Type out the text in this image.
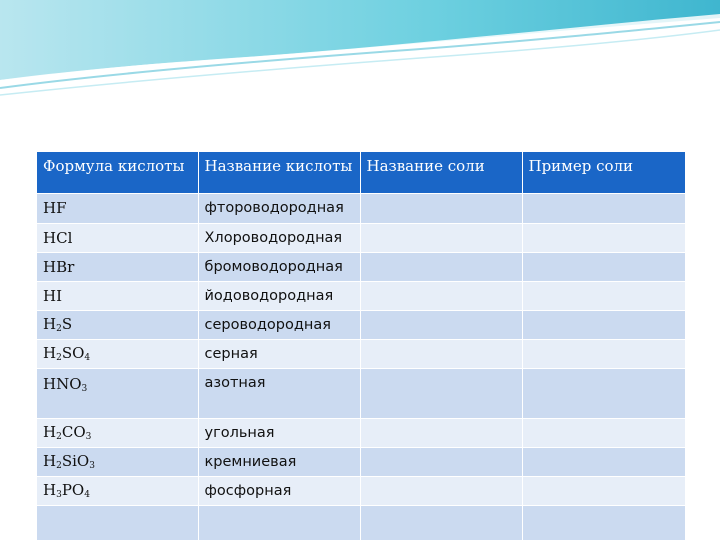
Формула кислоты	Название кислоты	Название соли	Пример соли
HF	фтороводородная		
HCl	Хлороводородная		
HBr	бромоводородная		
HI	йодоводородная		
$H_2S$	сероводородная		
$H_2SO_4$	серная		
$HNO_3$	азотная		
$H_2CO_3$	угольная		
$H_2SiO_3$	кремниевая		
$H_3PO_4$	фосфорная		
